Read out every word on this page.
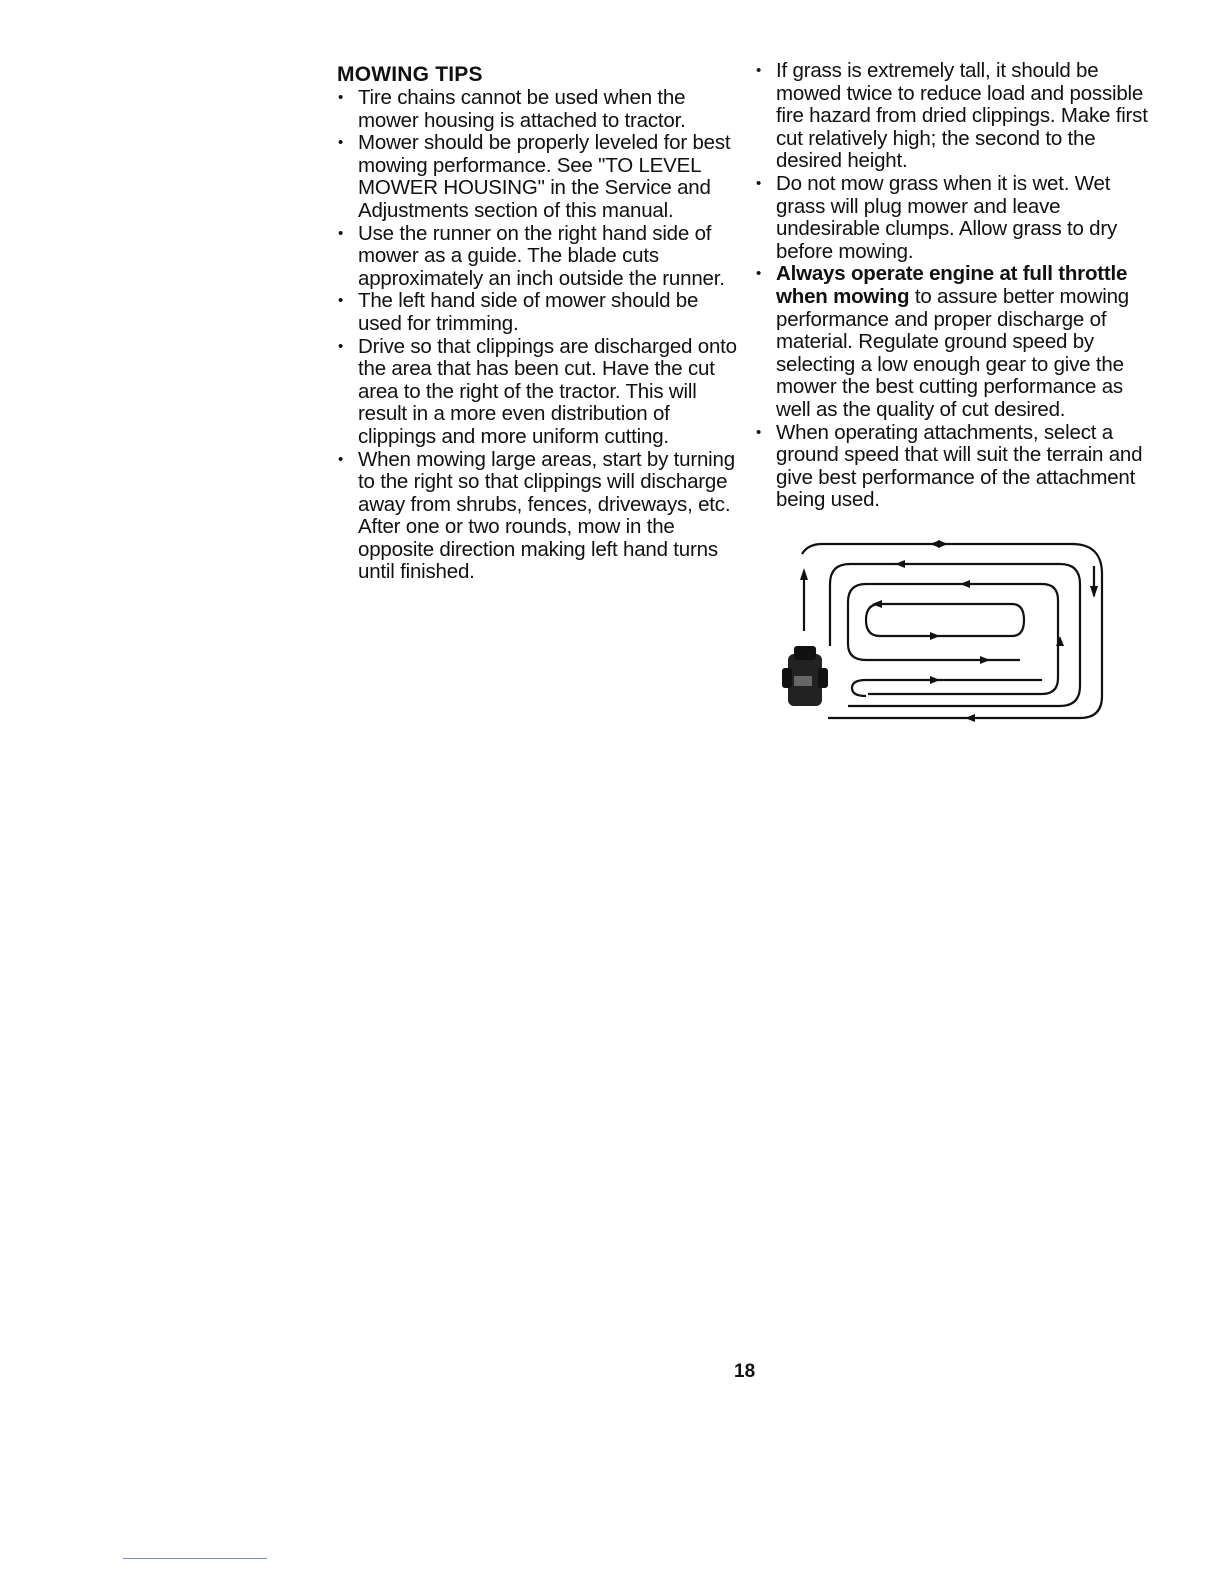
MOWING TIPS
• Tire chains cannot be used when the mower housing is attached to tractor.
• Mower should be properly leveled for best mowing performance. See "TO LEVEL MOWER HOUSING" in the Service and Adjustments section of this manual.
• Use the runner on the right hand side of mower as a guide. The blade cuts approximately an inch outside the runner.
• The left hand side of mower should be used for trimming.
• Drive so that clippings are discharged onto the area that has been cut. Have the cut area to the right of the tractor. This will result in a more even distribution of clippings and more uniform cutting.
• When mowing large areas, start by turning to the right so that clippings will discharge away from shrubs, fences, driveways, etc. After one or two rounds, mow in the opposite direction making left hand turns until finished.
• If grass is extremely tall, it should be mowed twice to reduce load and possible fire hazard from dried clippings. Make first cut relatively high; the second to the desired height.
• Do not mow grass when it is wet. Wet grass will plug mower and leave undesirable clumps. Allow grass to dry before mowing.
• Always operate engine at full throttle when mowing to assure better mowing performance and proper discharge of material. Regulate ground speed by selecting a low enough gear to give the mower the best cutting performance as well as the quality of cut desired.
• When operating attachments, select a ground speed that will suit the terrain and give best performance of the attachment being used.
18
